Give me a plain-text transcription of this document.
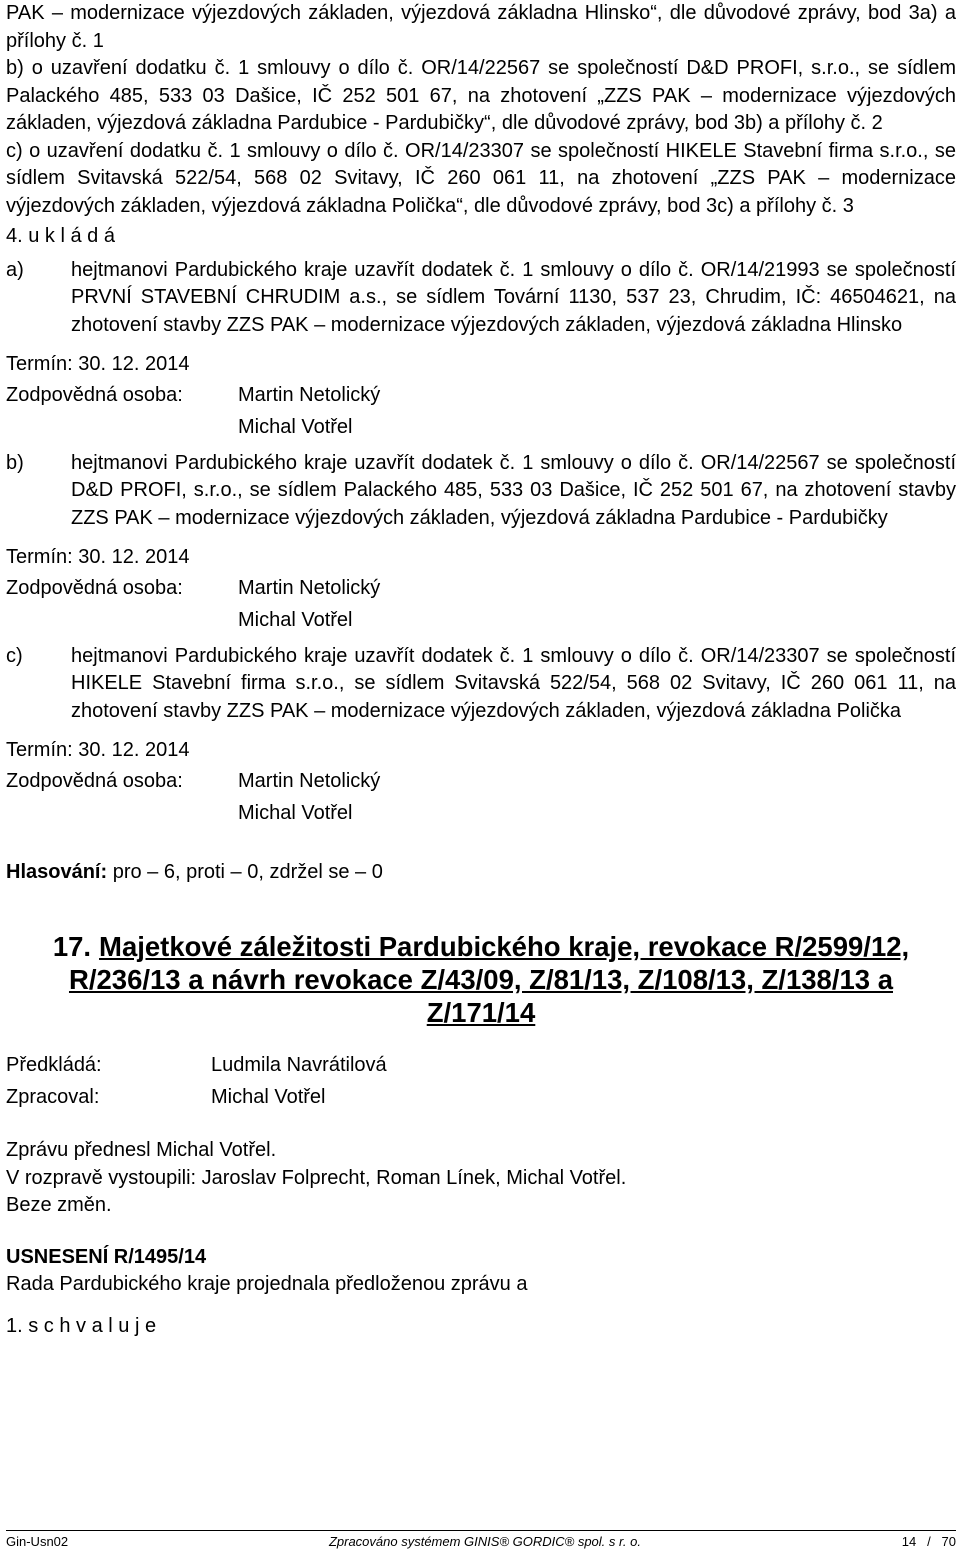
PAK – modernizace výjezdových základen, výjezdová základna Hlinsko“, dle důvodové zprávy, bod 3a) a přílohy č. 1

b) o uzavření dodatku č. 1 smlouvy o dílo č. OR/14/22567 se společností D&D PROFI, s.r.o., se sídlem Palackého 485, 533 03 Dašice, IČ 252 501 67, na zhotovení „ZZS PAK – modernizace výjezdových základen, výjezdová základna Pardubice - Pardubičky“, dle důvodové zprávy, bod 3b) a přílohy č. 2

c) o uzavření dodatku č. 1 smlouvy o dílo č. OR/14/23307 se společností HIKELE Stavební firma s.r.o., se sídlem Svitavská 522/54, 568 02 Svitavy, IČ 260 061 11, na zhotovení „ZZS PAK – modernizace výjezdových základen, výjezdová základna Polička“, dle důvodové zprávy, bod 3c) a přílohy č. 3

4. u k l á d á

a) hejtmanovi Pardubického kraje uzavřít dodatek č. 1 smlouvy o dílo č. OR/14/21993 se společností PRVNÍ STAVEBNÍ CHRUDIM a.s., se sídlem Tovární 1130, 537 23, Chrudim, IČ: 46504621, na zhotovení stavby ZZS PAK – modernizace výjezdových základen, výjezdová základna Hlinsko

Termín: 30. 12. 2014

Zodpovědná osoba:	Martin Netolický
Michal Votřel
b) hejtmanovi Pardubického kraje uzavřít dodatek č. 1 smlouvy o dílo č. OR/14/22567 se společností D&D PROFI, s.r.o., se sídlem Palackého 485, 533 03 Dašice, IČ 252 501 67, na zhotovení stavby ZZS PAK – modernizace výjezdových základen, výjezdová základna Pardubice - Pardubičky

Termín: 30. 12. 2014

Zodpovědná osoba:	Martin Netolický
Michal Votřel
c) hejtmanovi Pardubického kraje uzavřít dodatek č. 1 smlouvy o dílo č. OR/14/23307 se společností HIKELE Stavební firma s.r.o., se sídlem Svitavská 522/54, 568 02 Svitavy, IČ 260 061 11, na zhotovení stavby ZZS PAK – modernizace výjezdových základen, výjezdová základna Polička

Termín: 30. 12. 2014

Zodpovědná osoba:	Martin Netolický
Michal Votřel

Hlasování: pro – 6, proti – 0, zdržel se – 0

17. Majetkové záležitosti Pardubického kraje, revokace R/2599/12, R/236/13 a návrh revokace Z/43/09, Z/81/13, Z/108/13, Z/138/13 a Z/171/14
Předkládá:	Ludmila Navrátilová
Zpracoval:	Michal Votřel

Zprávu přednesl Michal Votřel.

V rozpravě vystoupili: Jaroslav Folprecht, Roman Línek, Michal Votřel.

Beze změn.

USNESENÍ R/1495/14

Rada Pardubického kraje projednala předloženou zprávu a

1. s c h v a l u j e

Gin-Usn02	Zpracováno systémem GINIS® GORDIC® spol. s r. o.	14 / 70
